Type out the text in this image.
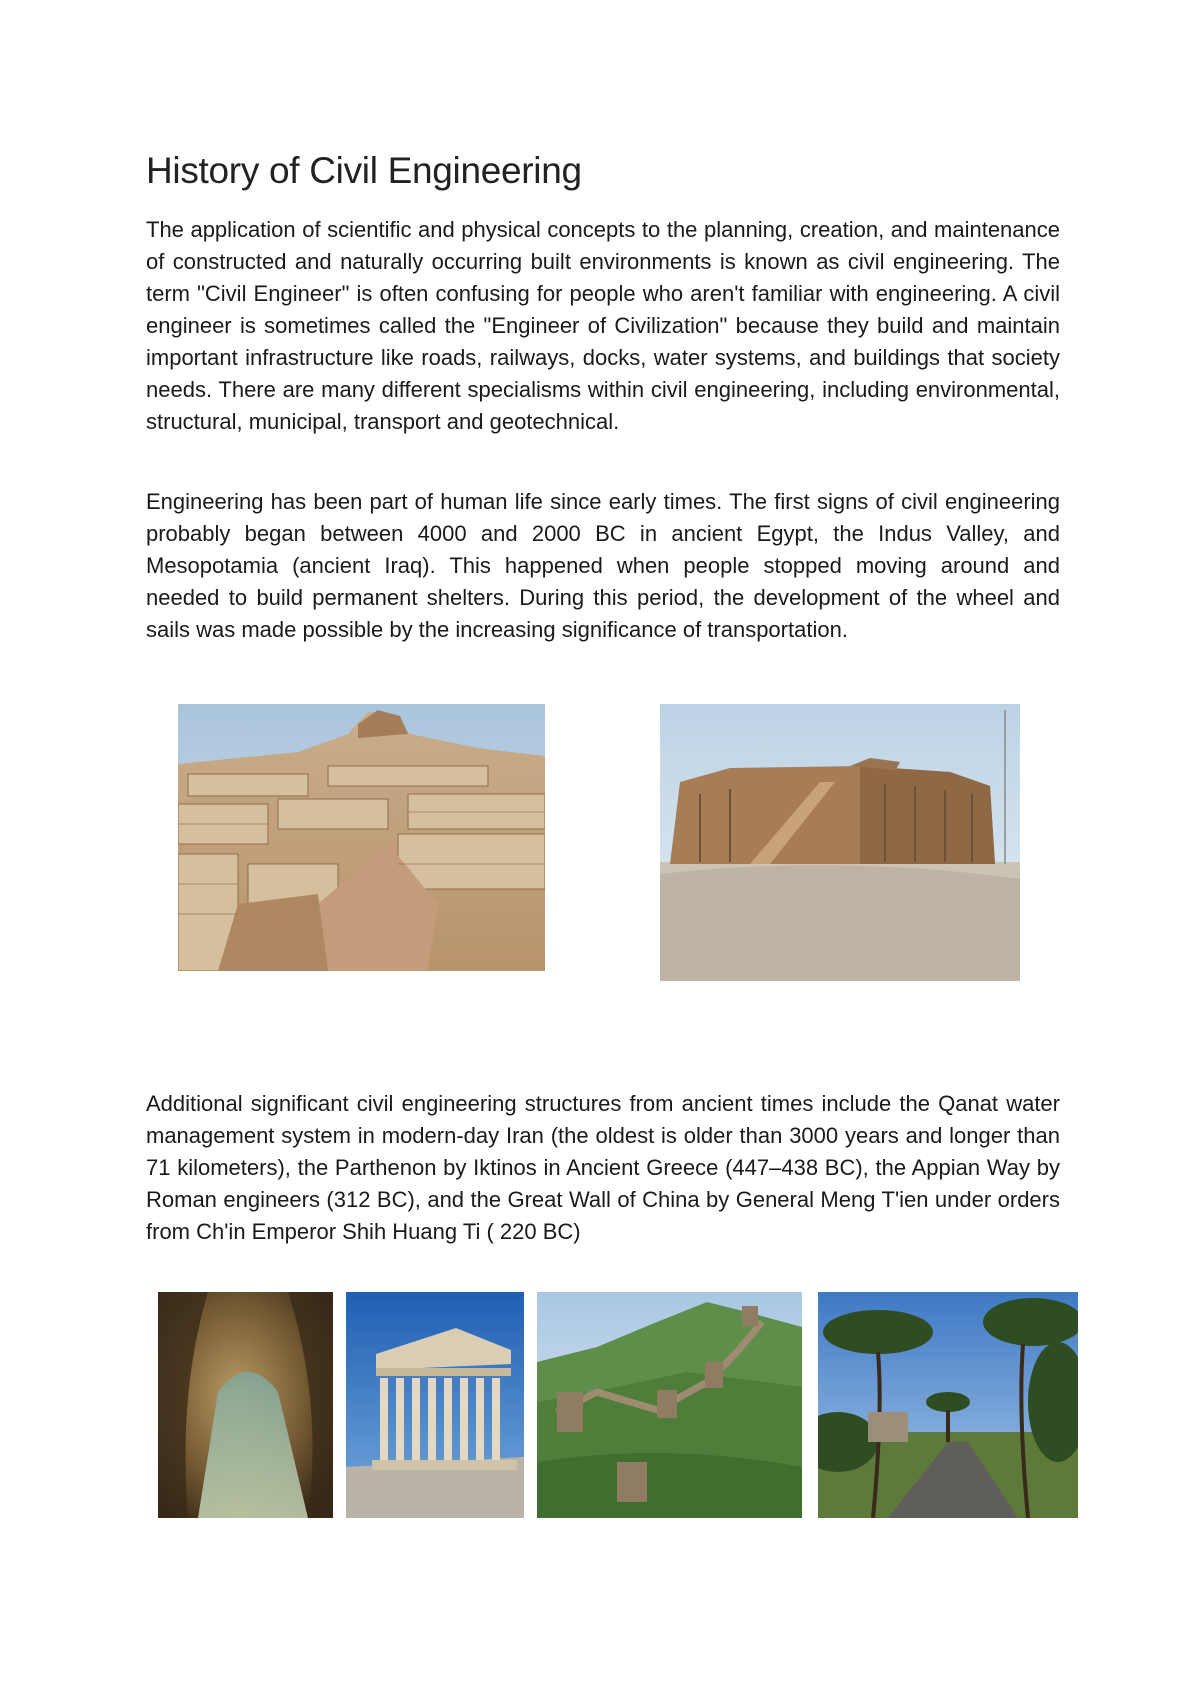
History of Civil Engineering

The application of scientific and physical concepts to the planning, creation, and maintenance of constructed and naturally occurring built environments is known as civil engineering. The term "Civil Engineer" is often confusing for people who aren't familiar with engineering. A civil engineer is sometimes called the "Engineer of Civilization" because they build and maintain important infrastructure like roads, railways, docks, water systems, and buildings that society needs. There are many different specialisms within civil engineering, including environmental, structural, municipal, transport and geotechnical.

Engineering has been part of human life since early times. The first signs of civil engineering probably began between 4000 and 2000 BC in ancient Egypt, the Indus Valley, and Mesopotamia (ancient Iraq). This happened when people stopped moving around and needed to build permanent shelters. During this period, the development of the wheel and sails was made possible by the increasing significance of transportation.

Additional significant civil engineering structures from ancient times include the Qanat water management system in modern-day Iran (the oldest is older than 3000 years and longer than 71 kilometers), the Parthenon by Iktinos in Ancient Greece (447–438 BC), the Appian Way by Roman engineers (312 BC), and the Great Wall of China by General Meng T'ien under orders from Ch'in Emperor Shih Huang Ti ( 220 BC)
